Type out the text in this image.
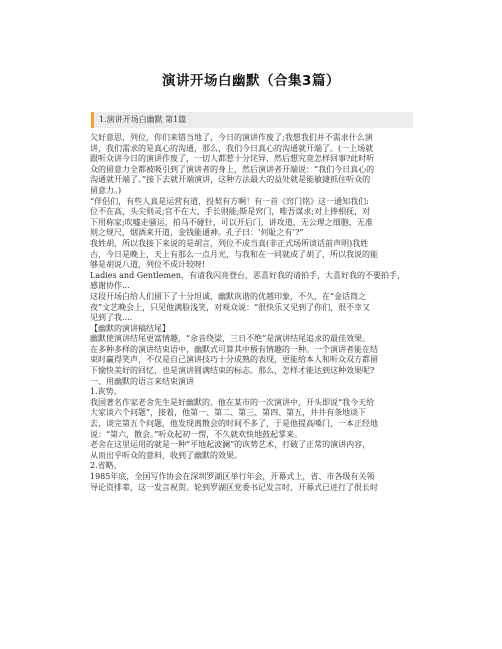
演讲开场白幽默（合集3篇）
1.演讲开场白幽默 第1篇

欠好意思，列位，你们来错当地了，今日的演讲作废了;我想我们并不需求什么演

讲，我们需求的是真心的沟通，那么，我们今日真心的沟通就开端了。(一上场就

跟听众讲今日的演讲作废了，一切人都惹十分诧异，然后想究竟怎样回事?此时听

众的留意力全都被吸引到了演讲者的身上，然后演讲者开端说：“我们今日真心的

沟通就开端了。”接下去就开端演讲，这种方法最大的益处就是能敏捷抓住听众的

留意力。)

“伴侣们，有些人真是运营有道，投契有方啊！有一首《窍门铭》这一通知我们:

位不在高，头尖则灵;官不在大，手长则能;斯是窍门，唯吾谋求;对上捧相抚，对

下用称家;吹嘘走骚运，拍马不碰针，可以开后门，讲攻道，无公理之细胞，无准

则之规尺，烟酒来开道，金钱能通神。孔子曰：‘何耻之有’?”

我姓胡，所以我接下来说的是胡言，列位不成当真(非正式场所谈话前声明)我姓

古，今日是晚上，天上有那么一点月光，与我和在一同就成了胡了，所以我说的能

够是胡说八道，列位不成计较呀!

Ladies and Gentlemen，有请我闪亮登台，恶喜好我的请拍手，大喜好我的不要拍手，

感谢协作...

这段开场白给人们留下了十分坦诚、幽默诙谐的优越印象，不久，在“金话筒之

夜”文艺晚会上，只见他满脸浅笑，对观众说：“很快乐又见到了你们，很不幸又

见到了我....

【幽默的演讲稿结尾】

幽默使演讲结尾更富情趣，“余音绕梁，三日不绝”是演讲结尾追求的最佳效果。

在多种多样的演讲结束语中，幽默式可算其中极有情趣的一种。一个演讲者能在结

束时赢得笑声，不仅是自己演讲技巧十分成熟的表现，更能给本人和听众双方都留

下愉快美好的回忆，也是演讲圆满结束的标志。那么，怎样才能达到这种效果呢?

一、用幽默的语言来结束演讲

1.诙势。

我国著名作家老舍先生是好幽默的。他在某市的一次演讲中，开头即说“我今天给

大家谈六个问题”，接着，他第一、第二、第三、第四、第五，井井有条地谈下

去，谈完第五个问题，他发现离散会的时间不多了，于是他提高嗓门，一本正经地

说：“第六，散会。”听众起初一愣，不久就欢快地鼓起掌来。

老舍在这里运用的就是一种“平地起波澜”的诙势艺术，打破了正常的演讲内容，

从而出乎听众的意料，收到了幽默的效果。

2.省略。

1985年底，全国写作协会在深圳罗湖区举行年会，开幕式上，省、市各级有关领

导论资排辈，这一发言祝贺。轮到罗湖区党委书记发言时，开幕式已进行了很长时
